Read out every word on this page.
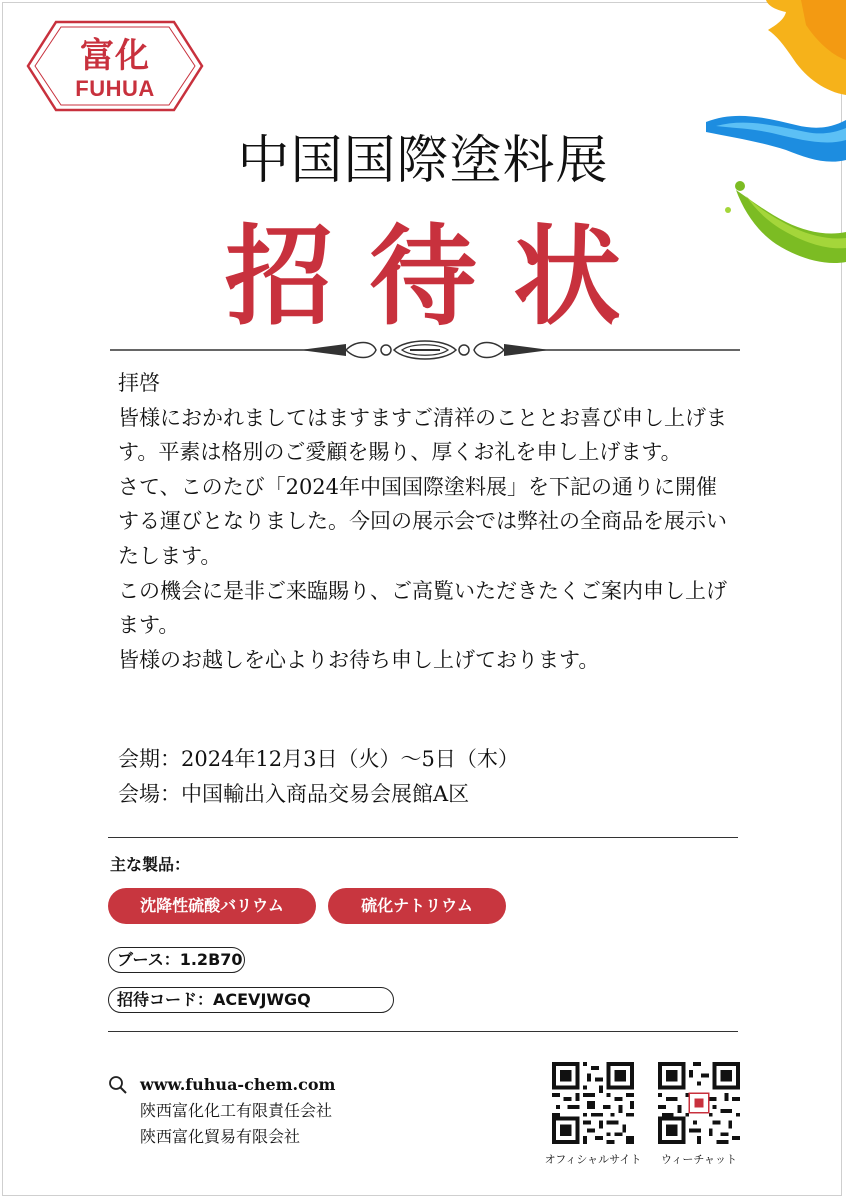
富化
FUHUA
中国国際塗料展
招待状

拝啓

皆様におかれましてはますますご清祥のこととお喜び申し上げます。平素は格別のご愛顧を賜り、厚くお礼を申し上げます。

さて、このたび「2024年中国国際塗料展」を下記の通りに開催する運びとなりました。今回の展示会では弊社の全商品を展示いたします。

この機会に是非ご来臨賜り、ご高覧いただきたくご案内申し上げます。

皆様のお越しを心よりお待ち申し上げております。

会期：2024年12月3日（火）～5日（木）
会場：中国輸出入商品交易会展館A区
主な製品：
沈降性硫酸バリウム	硫化ナトリウム
ブース：1.2B70
招待コード：ACEVJWGQ
www.fuhua-chem.com
陝西富化化工有限責任会社
陝西富化貿易有限会社
オフィシャルサイト	ウィーチャット
